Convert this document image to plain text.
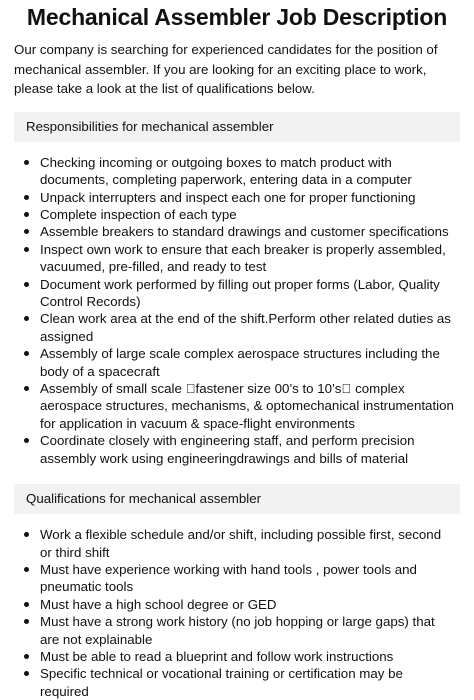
Mechanical Assembler Job Description

Our company is searching for experienced candidates for the position of mechanical assembler. If you are looking for an exciting place to work, please take a look at the list of qualifications below.

Responsibilities for mechanical assembler
Checking incoming or outgoing boxes to match product with documents, completing paperwork, entering data in a computer
Unpack interrupters and inspect each one for proper functioning
Complete inspection of each type
Assemble breakers to standard drawings and customer specifications
Inspect own work to ensure that each breaker is properly assembled, vacuumed, pre-filled, and ready to test
Document work performed by filling out proper forms (Labor, Quality Control Records)
Clean work area at the end of the shift.Perform other related duties as assigned
Assembly of large scale complex aerospace structures including the body of a spacecraft
Assembly of small scale  fastener size 00’s to 10’s  complex aerospace structures, mechanisms, & optomechanical instrumentation for application in vacuum & space-flight environments
Coordinate closely with engineering staff, and perform precision assembly work using engineeringdrawings and bills of material
Qualifications for mechanical assembler
Work a flexible schedule and/or shift, including possible first, second or third shift
Must have experience working with hand tools , power tools and pneumatic tools
Must have a high school degree or GED
Must have a strong work history (no job hopping or large gaps) that are not explainable
Must be able to read a blueprint and follow work instructions
Specific technical or vocational training or certification may be required
